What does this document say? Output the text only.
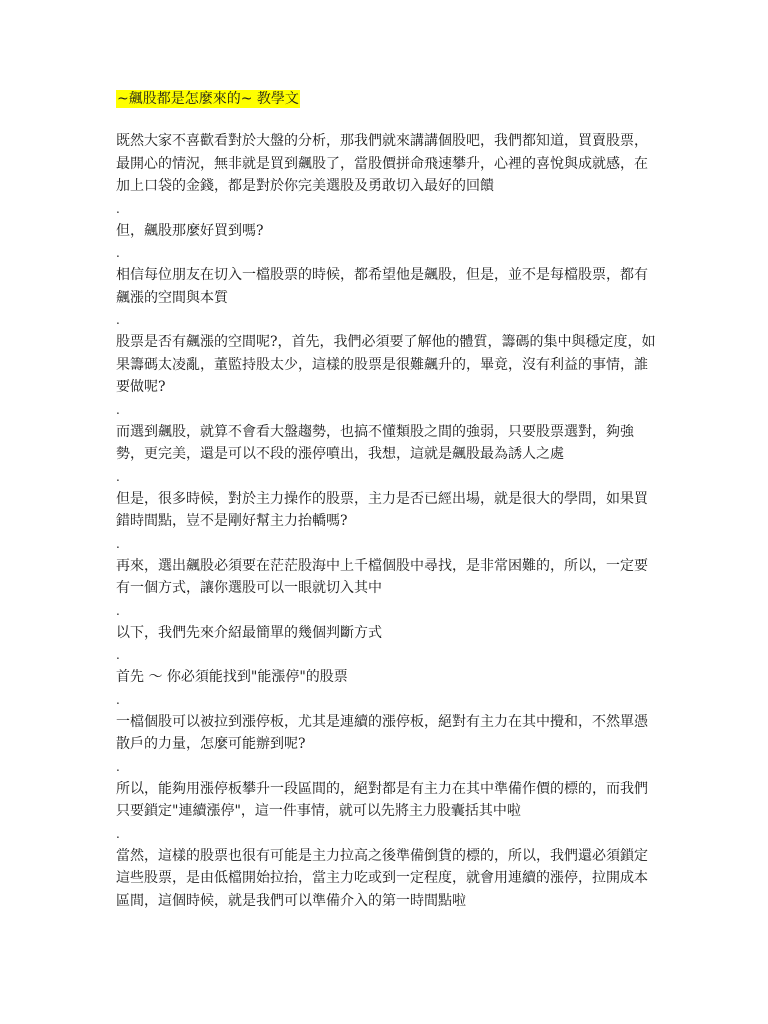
~飆股都是怎麼來的~ 教學文

既然大家不喜歡看對於大盤的分析，那我們就來講講個股吧，我們都知道，買賣股票，最開心的情況，無非就是買到飆股了，當股價拼命飛速攀升，心裡的喜悅與成就感，在加上口袋的金錢，都是對於你完美選股及勇敢切入最好的回饋

.

但，飆股那麼好買到嗎?

.

相信每位朋友在切入一檔股票的時候，都希望他是飆股，但是，並不是每檔股票，都有飆漲的空間與本質

.

股票是否有飆漲的空間呢?，首先，我們必須要了解他的體質，籌碼的集中與穩定度，如果籌碼太凌亂，董監持股太少，這樣的股票是很難飆升的，畢竟，沒有利益的事情，誰要做呢?

.

而選到飆股，就算不會看大盤趨勢，也搞不懂類股之間的強弱，只要股票選對，夠強勢，更完美，還是可以不段的漲停噴出，我想，這就是飆股最為誘人之處

.

但是，很多時候，對於主力操作的股票，主力是否已經出場，就是很大的學問，如果買錯時間點，豈不是剛好幫主力抬轎嗎?

.

再來，選出飆股必須要在茫茫股海中上千檔個股中尋找，是非常困難的，所以，一定要有一個方式，讓你選股可以一眼就切入其中

.

以下，我們先來介紹最簡單的幾個判斷方式

.

首先 ～ 你必須能找到"能漲停"的股票

.

一檔個股可以被拉到漲停板，尤其是連續的漲停板，絕對有主力在其中攪和，不然單憑散戶的力量，怎麼可能辦到呢?

.

所以，能夠用漲停板攀升一段區間的，絕對都是有主力在其中準備作價的標的，而我們只要鎖定"連續漲停"，這一件事情，就可以先將主力股囊括其中啦

.

當然，這樣的股票也很有可能是主力拉高之後準備倒貨的標的，所以，我們還必須鎖定這些股票，是由低檔開始拉抬，當主力吃或到一定程度，就會用連續的漲停，拉開成本區間，這個時候，就是我們可以準備介入的第一時間點啦
